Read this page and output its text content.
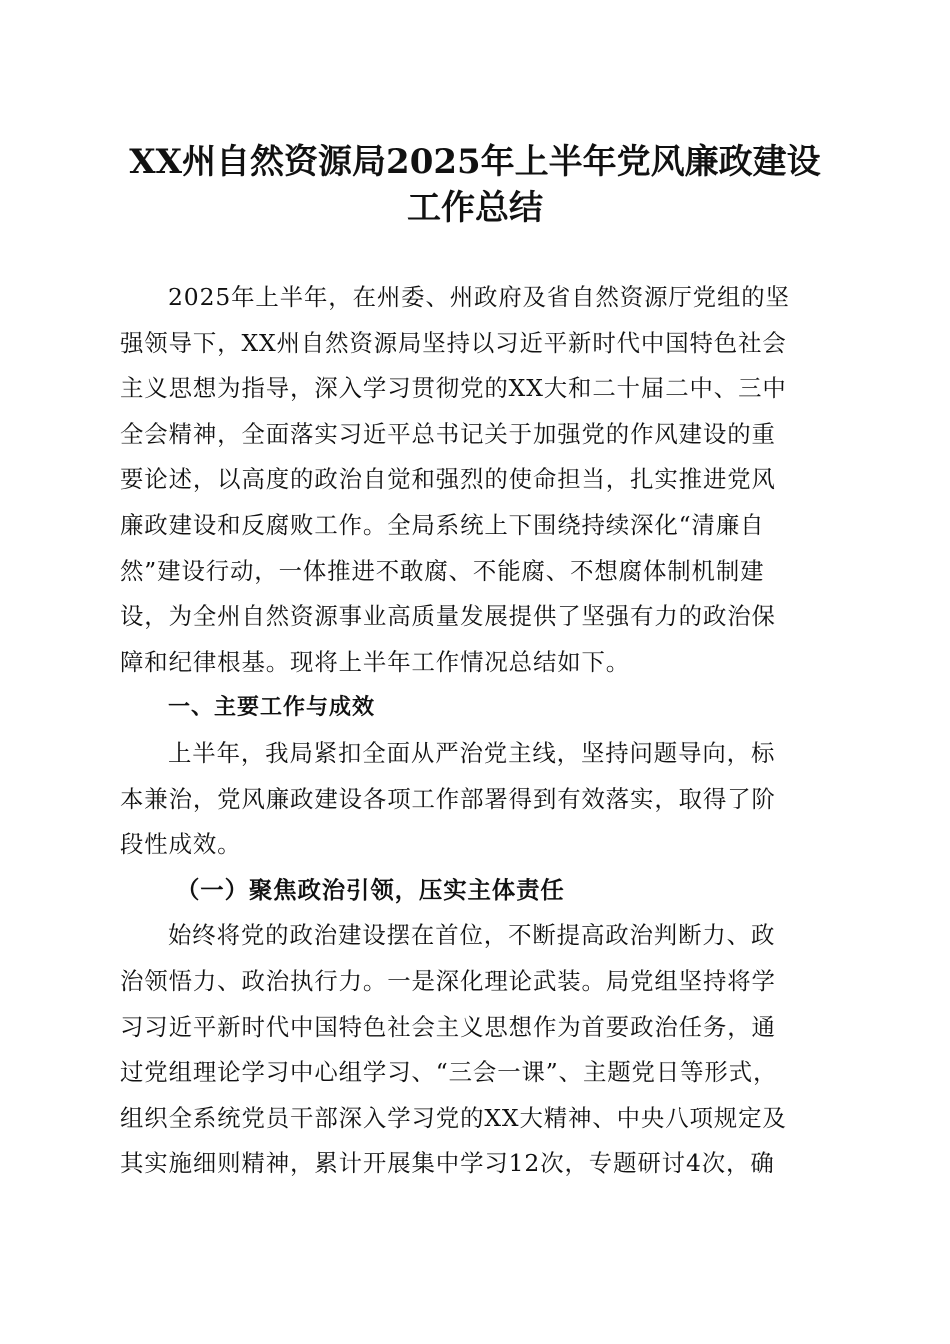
XX州自然资源局2025年上半年党风廉政建设
工作总结
2025年上半年，在州委、州政府及省自然资源厅党组的坚
强领导下，XX州自然资源局坚持以习近平新时代中国特色社会
主义思想为指导，深入学习贯彻党的XX大和二十届二中、三中
全会精神，全面落实习近平总书记关于加强党的作风建设的重
要论述，以高度的政治自觉和强烈的使命担当，扎实推进党风
廉政建设和反腐败工作。全局系统上下围绕持续深化“清廉自
然”建设行动，一体推进不敢腐、不能腐、不想腐体制机制建
设，为全州自然资源事业高质量发展提供了坚强有力的政治保
障和纪律根基。现将上半年工作情况总结如下。
一、主要工作与成效
上半年，我局紧扣全面从严治党主线，坚持问题导向，标
本兼治，党风廉政建设各项工作部署得到有效落实，取得了阶
段性成效。
（一）聚焦政治引领，压实主体责任
始终将党的政治建设摆在首位，不断提高政治判断力、政
治领悟力、政治执行力。一是深化理论武装。局党组坚持将学
习习近平新时代中国特色社会主义思想作为首要政治任务，通
过党组理论学习中心组学习、“三会一课”、主题党日等形式，
组织全系统党员干部深入学习党的XX大精神、中央八项规定及
其实施细则精神，累计开展集中学习12次，专题研讨4次，确
